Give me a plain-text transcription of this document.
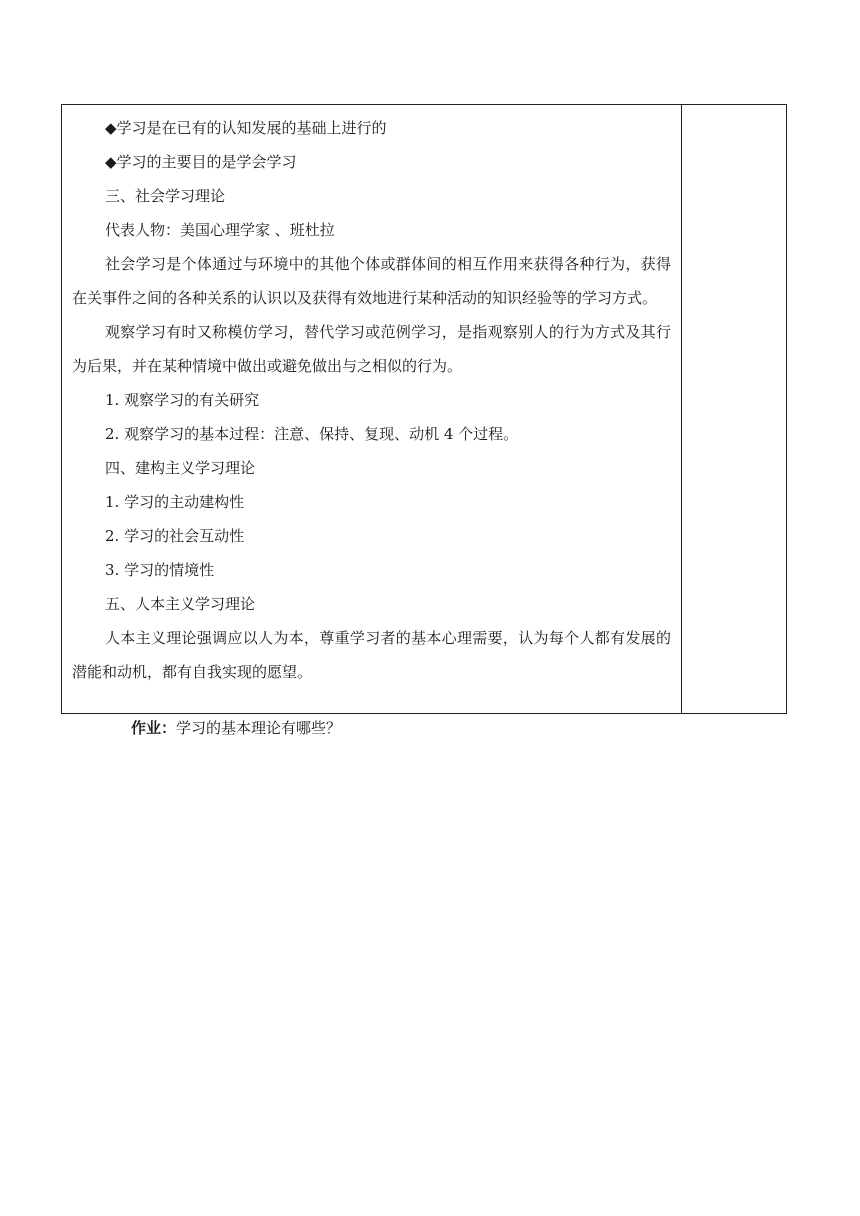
◆学习是在已有的认知发展的基础上进行的
◆学习的主要目的是学会学习
三、社会学习理论
代表人物：美国心理学家 、班杜拉
社会学习是个体通过与环境中的其他个体或群体间的相互作用来获得各种行为，获得在关事件之间的各种关系的认识以及获得有效地进行某种活动的知识经验等的学习方式。
观察学习有时又称模仿学习，替代学习或范例学习，是指观察别人的行为方式及其行为后果，并在某种情境中做出或避免做出与之相似的行为。
1. 观察学习的有关研究
2. 观察学习的基本过程：注意、保持、复现、动机 4 个过程。
四、建构主义学习理论
1. 学习的主动建构性
2. 学习的社会互动性
3. 学习的情境性
五、人本主义学习理论
人本主义理论强调应以人为本，尊重学习者的基本心理需要，认为每个人都有发展的潜能和动机，都有自我实现的愿望。

作业：学习的基本理论有哪些？
